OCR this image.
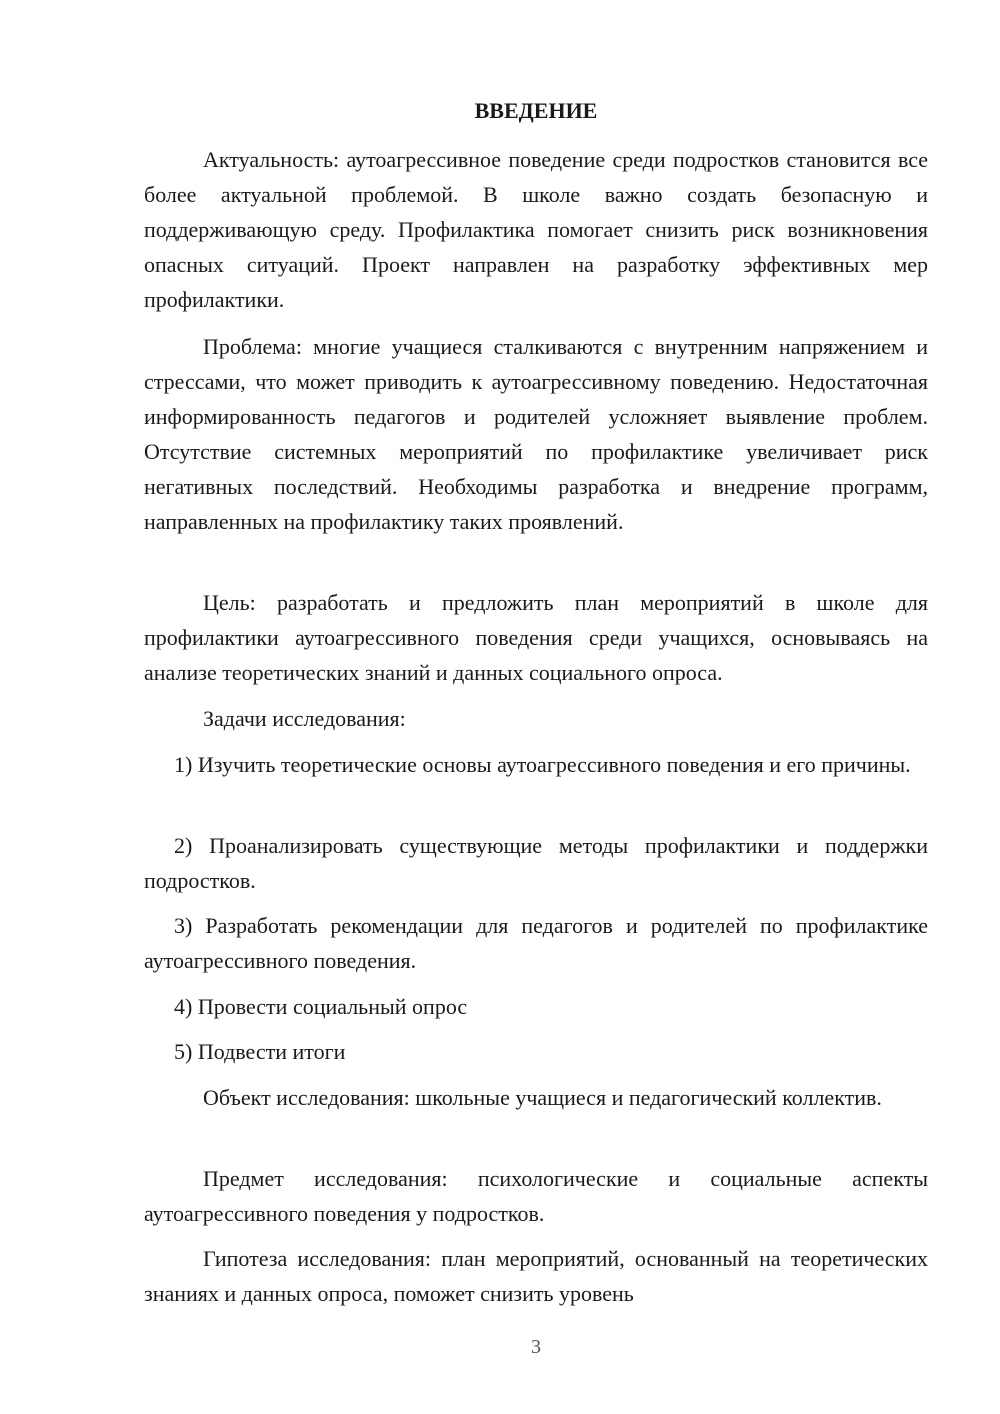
ВВЕДЕНИЕ

Актуальность: аутоагрессивное поведение среди подростков становится все более актуальной проблемой. В школе важно создать безопасную и поддерживающую среду. Профилактика помогает снизить риск возникновения опасных ситуаций. Проект направлен на разработку эффективных мер профилактики.

Проблема: многие учащиеся сталкиваются с внутренним напряжением и стрессами, что может приводить к аутоагрессивному поведению. Недостаточная информированность педагогов и родителей усложняет выявление проблем. Отсутствие системных мероприятий по профилактике увеличивает риск негативных последствий. Необходимы разработка и внедрение программ, направленных на профилактику таких проявлений.

Цель: разработать и предложить план мероприятий в школе для профилактики аутоагрессивного поведения среди учащихся, основываясь на анализе теоретических знаний и данных социального опроса.

Задачи исследования:

1) Изучить теоретические основы аутоагрессивного поведения и его причины.

2) Проанализировать существующие методы профилактики и поддержки подростков.

3) Разработать рекомендации для педагогов и родителей по профилактике аутоагрессивного поведения.

4) Провести социальный опрос

5) Подвести итоги

Объект исследования: школьные учащиеся и педагогический коллектив.

Предмет исследования: психологические и социальные аспекты аутоагрессивного поведения у подростков.

Гипотеза исследования: план мероприятий, основанный на теоретических знаниях и данных опроса, поможет снизить уровень

3
